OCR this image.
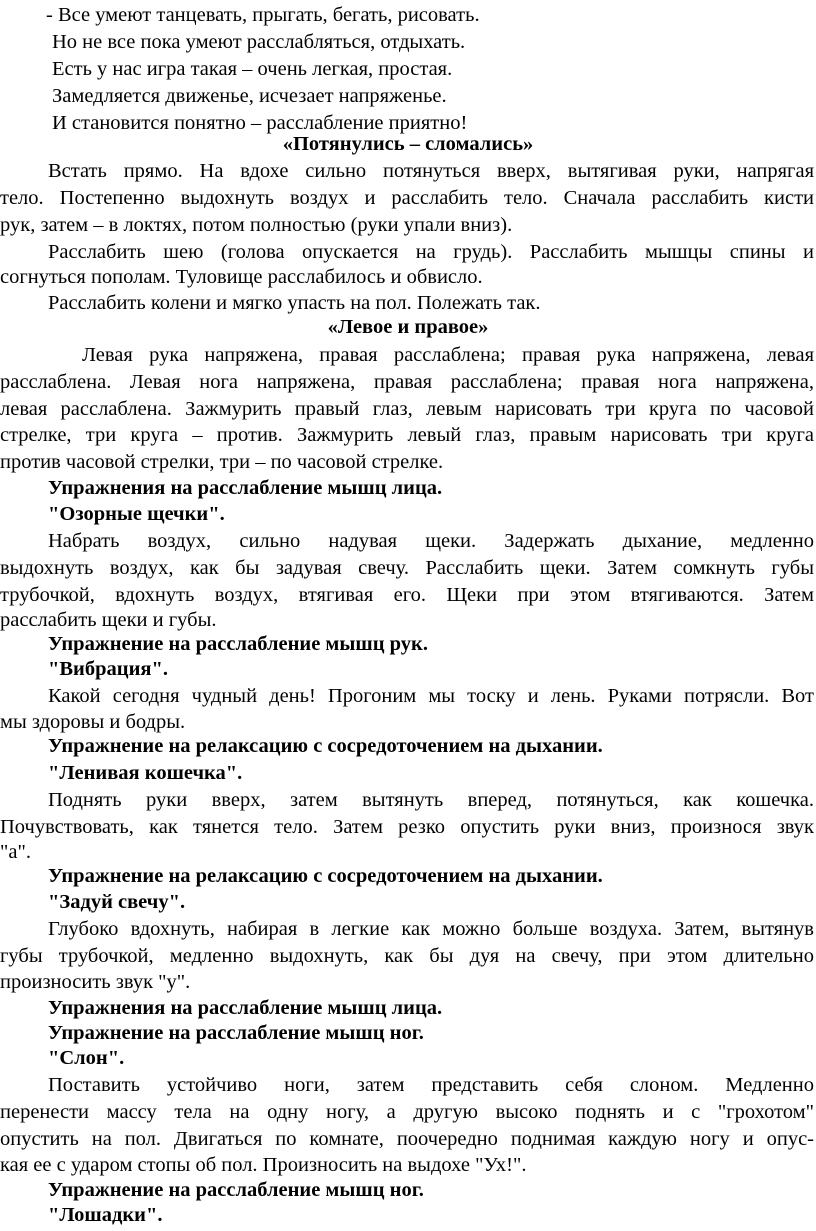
- Все умеют танцевать, прыгать, бегать, рисовать.

Но не все пока умеют расслабляться, отдыхать.

Есть у нас игра такая – очень легкая, простая.

Замедляется движенье, исчезает напряженье.

И становится понятно – расслабление приятно!

«Потянулись – сломались»

Встать прямо. На вдохе сильно потянуться вверх, вытягивая руки, напрягая

тело. Постепенно выдохнуть воздух и расслабить тело. Сначала расслабить кисти

рук, затем – в локтях, потом полностью (руки упали вниз).

Расслабить шею (голова опускается на грудь). Расслабить мышцы спины и

согнуться пополам. Туловище расслабилось и обвисло.

Расслабить колени и мягко упасть на пол. Полежать так.

«Левое и правое»

Левая рука напряжена, правая расслаблена; правая рука напряжена, левая

расслаблена. Левая нога напряжена, правая расслаблена; правая нога напряжена,

левая расслаблена. Зажмурить правый глаз, левым нарисовать три круга по часовой

стрелке, три круга – против. Зажмурить левый глаз, правым нарисовать три круга

против часовой стрелки, три – по часовой стрелке.

Упражнения на расслабление мышц лица.

"Озорные щечки".

Набрать воздух, сильно надувая щеки. Задержать дыхание, медленно

выдохнуть воздух, как бы задувая свечу. Расслабить щеки. Затем сомкнуть губы

трубочкой, вдохнуть воздух, втягивая его. Щеки при этом втягиваются. Затем

расслабить щеки и губы.

Упражнение на расслабление мышц рук.

"Вибрация".

Какой сегодня чудный день! Прогоним мы тоску и лень. Руками потрясли. Вот

мы здоровы и бодры.

Упражнение на релаксацию с сосредоточением на дыхании.

"Ленивая кошечка".

Поднять руки вверх, затем вытянуть вперед, потянуться, как кошечка.

Почувствовать, как тянется тело. Затем резко опустить руки вниз, произнося звук

"а".

Упражнение на релаксацию с сосредоточением на дыхании.

"Задуй свечу".

Глубоко вдохнуть, набирая в легкие как можно больше воздуха. Затем, вытянув

губы трубочкой, медленно выдохнуть, как бы дуя на свечу, при этом длительно

произносить звук "у".

Упражнения на расслабление мышц лица.

Упражнение на расслабление мышц ног.

"Слон".

Поставить устойчиво ноги, затем представить себя слоном. Медленно

перенести массу тела на одну ногу, а другую высоко поднять и с "грохотом"

опустить на пол. Двигаться по комнате, поочередно поднимая каждую ногу и опус-

кая ее с ударом стопы об пол. Произносить на выдохе "Ух!".

Упражнение на расслабление мышц ног.

"Лошадки".
